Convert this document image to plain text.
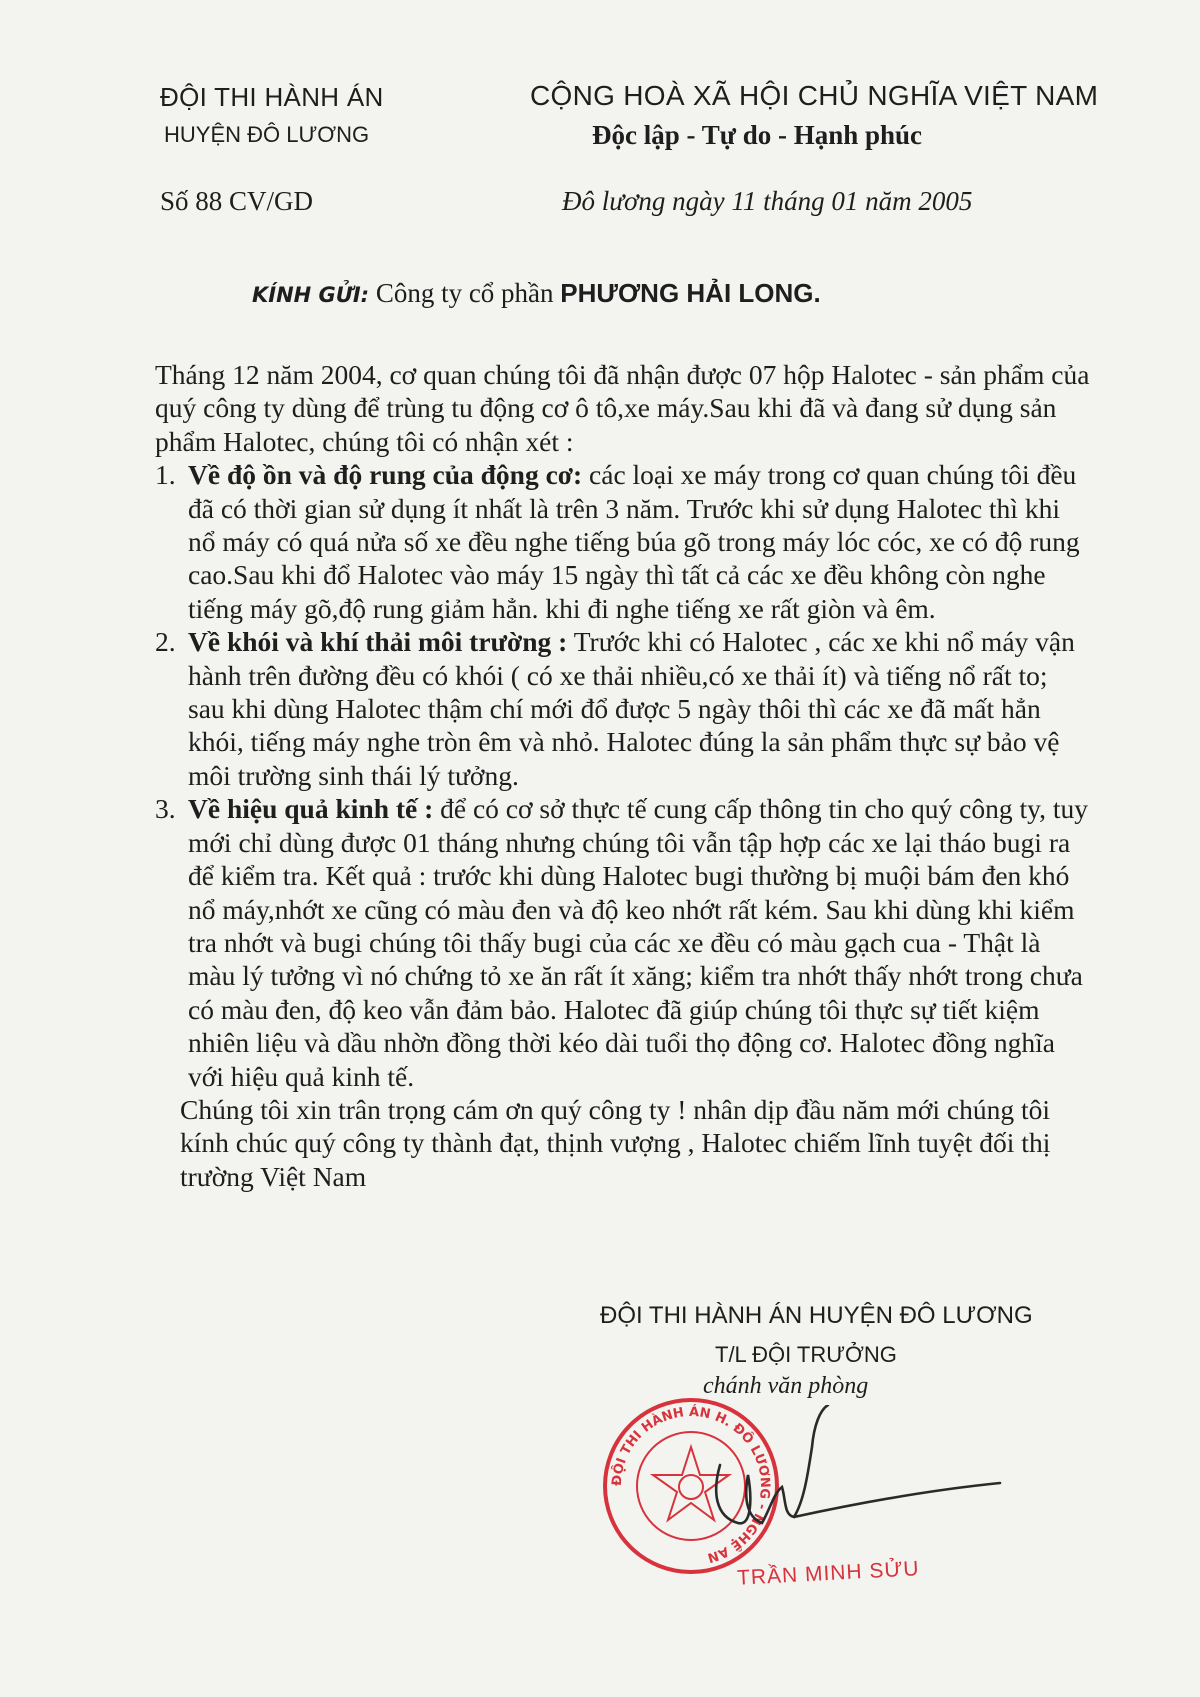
ĐỘI THI HÀNH ÁN
HUYỆN ĐÔ LƯƠNG
CỘNG HOÀ XÃ HỘI CHỦ NGHĨA VIỆT NAM
Độc lập - Tự do - Hạnh phúc
Số 88 CV/GD	Đô lương ngày 11 tháng 01 năm 2005
KÍNH GỬI: Công ty cổ phần PHƯƠNG HẢI LONG.

Tháng 12 năm 2004, cơ quan chúng tôi đã nhận được 07 hộp Halotec - sản phẩm của quý công ty dùng để trùng tu động cơ ô tô,xe máy.Sau khi đã và đang sử dụng sản phẩm Halotec, chúng tôi có nhận xét :

1. Về độ ồn và độ rung của động cơ: các loại xe máy trong cơ quan chúng tôi đều đã có thời gian sử dụng ít nhất là trên 3 năm. Trước khi sử dụng Halotec thì khi nổ máy có quá nửa số xe đều nghe tiếng búa gõ trong máy lóc cóc, xe có độ rung cao.Sau khi đổ Halotec vào máy 15 ngày thì tất cả các xe đều không còn nghe tiếng máy gõ,độ rung giảm hẳn. khi đi nghe tiếng xe rất giòn và êm.
2. Về khói và khí thải môi trường : Trước khi có Halotec , các xe khi nổ máy vận hành trên đường đều có khói ( có xe thải nhiều,có xe thải ít) và tiếng nổ rất to; sau khi dùng Halotec thậm chí mới đổ được 5 ngày thôi thì các xe đã mất hẳn khói, tiếng máy nghe tròn êm và nhỏ. Halotec đúng la sản phẩm thực sự bảo vệ môi trường sinh thái lý tưởng.
3. Về hiệu quả kinh tế : để có cơ sở thực tế cung cấp thông tin cho quý công ty, tuy mới chỉ dùng được 01 tháng nhưng chúng tôi vẫn tập hợp các xe lại tháo bugi ra để kiểm tra. Kết quả : trước khi dùng Halotec bugi thường bị muội bám đen khó nổ máy,nhớt xe cũng có màu đen và độ keo nhớt rất kém. Sau khi dùng khi kiểm tra nhớt và bugi chúng tôi thấy bugi của các xe đều có màu gạch cua - Thật là màu lý tưởng vì nó chứng tỏ xe ăn rất ít xăng; kiểm tra nhớt thấy nhớt trong chưa có màu đen, độ keo vẫn đảm bảo. Halotec đã giúp chúng tôi thực sự tiết kiệm nhiên liệu và dầu nhờn đồng thời kéo dài tuổi thọ động cơ. Halotec đồng nghĩa với hiệu quả kinh tế.

Chúng tôi xin trân trọng cám ơn quý công ty ! nhân dịp đầu năm mới chúng tôi kính chúc quý công ty thành đạt, thịnh vượng , Halotec chiếm lĩnh tuyệt đối thị trường Việt Nam

ĐỘI THI HÀNH ÁN HUYỆN ĐÔ LƯƠNG
T/L ĐỘI TRƯỞNG
chánh văn phòng
ĐỘI THI HÀNH ÁN H. ĐÔ LƯƠNG - NGHỆ AN
TRẦN MINH SỬU
